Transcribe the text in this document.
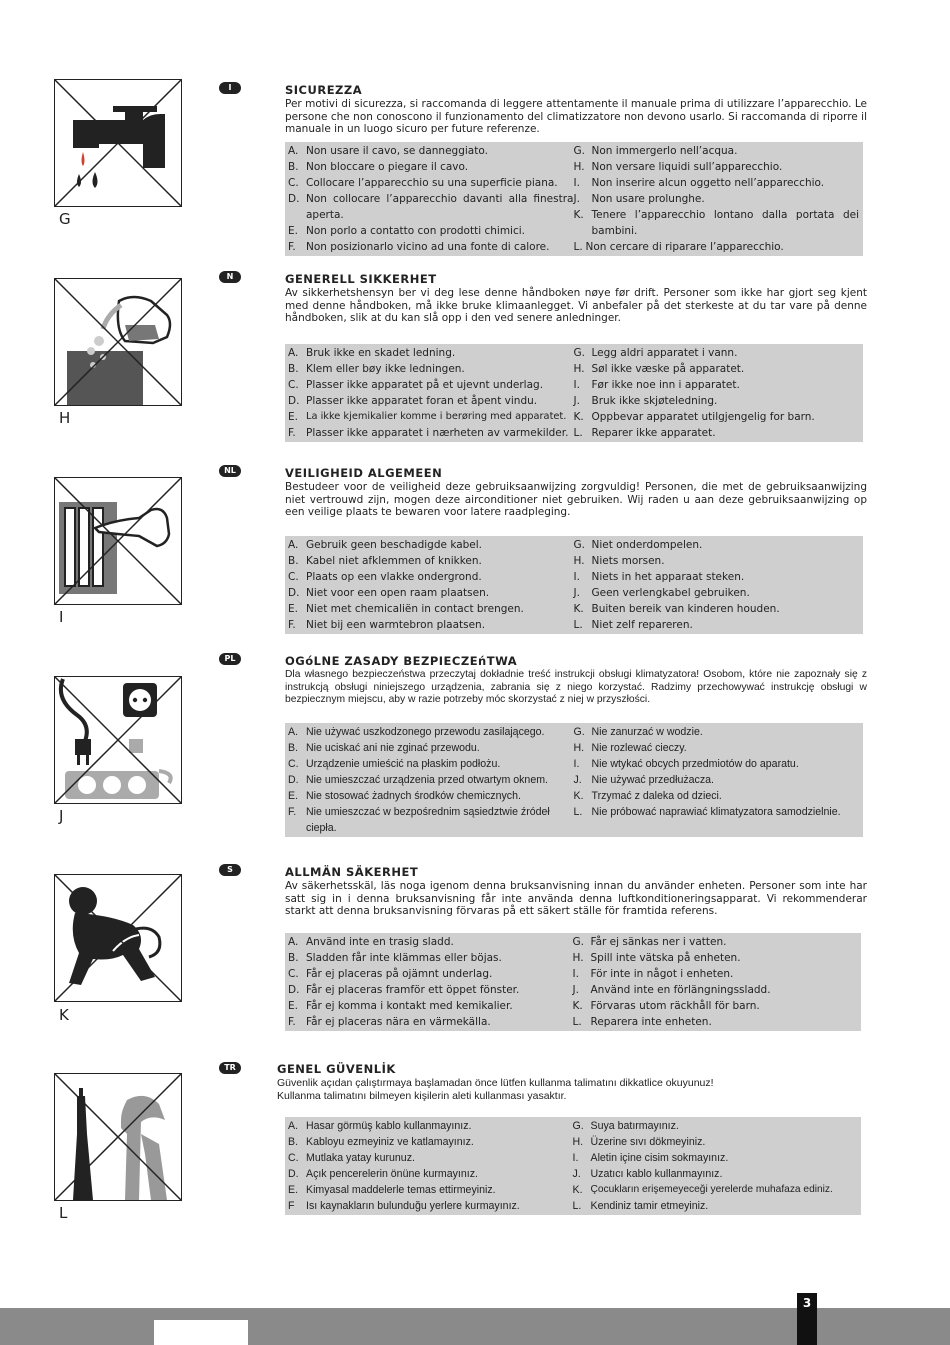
G
I	SICUREZZA

Per motivi di sicurezza, si raccomanda di leggere attentamente il manuale prima di utilizzare l’apparecchio. Le persone che non conoscono il funzionamento del climatizzatore non devono usarlo. Si raccomanda di riporre il manuale in un luogo sicuro per future referenze.

A. Non usare il cavo, se danneggiato.
B. Non bloccare o piegare il cavo.
C. Collocare l’apparecchio su una superficie piana.
D. Non collocare l’apparecchio davanti alla finestra aperta.
E. Non porlo a contatto con prodotti chimici.
F. Non posizionarlo vicino ad una fonte di calore.
G. Non immergerlo nell’acqua.
H. Non versare liquidi sull’apparecchio.
I.	Non inserire alcun oggetto nell’apparecchio.
J.	Non usare prolunghe.
K. Tenere l’apparecchio lontano dalla portata dei bambini.
L. Non cercare di riparare l’apparecchio.
H
N	GENERELL SIKKERHET

Av sikkerhetshensyn ber vi deg lese denne håndboken nøye før drift. Personer som ikke har gjort seg kjent med denne håndboken, må ikke bruke klimaanlegget. Vi anbefaler på det sterkeste at du tar vare på denne håndboken, slik at du kan slå opp i den ved senere anledninger.

A. Bruk ikke en skadet ledning.
B. Klem eller bøy ikke ledningen.
C. Plasser ikke apparatet på et ujevnt underlag.
D. Plasser ikke apparatet foran et åpent vindu.
E. La ikke kjemikalier komme i berøring med apparatet.
F. Plasser ikke apparatet i nærheten av varmekilder.
G. Legg aldri apparatet i vann.
H. Søl ikke væske på apparatet.
I.	Før ikke noe inn i apparatet.
J.	Bruk ikke skjøteledning.
K. Oppbevar apparatet utilgjengelig for barn.
L. Reparer ikke apparatet.
I
NL	VEILIGHEID ALGEMEEN

Bestudeer voor de veiligheid deze gebruiksaanwijzing zorgvuldig! Personen, die met de gebruiksaanwijzing niet vertrouwd zijn, mogen deze airconditioner niet gebruiken. Wij raden u aan deze gebruiksaanwijzing op een veilige plaats te bewaren voor latere raadpleging.

A. Gebruik geen beschadigde kabel.
B. Kabel niet afklemmen of knikken.
C. Plaats op een vlakke ondergrond.
D. Niet voor een open raam plaatsen.
E. Niet met chemicaliën in contact brengen.
F. Niet bij een warmtebron plaatsen.
G. Niet onderdompelen.
H. Niets morsen.
I.	Niets in het apparaat steken.
J.	Geen verlengkabel gebruiken.
K. Buiten bereik van kinderen houden.
L. Niet zelf repareren.
J
PL	OGóLNE ZASADY BEZPIECZEńTWA

Dla własnego bezpieczeństwa przeczytaj dokładnie treść instrukcji obsługi klimatyzatora! Osobom, które nie zapoznały się z instrukcją obsługi niniejszego urządzenia, zabrania się z niego korzystać. Radzimy przechowywać instrukcję obsługi w bezpiecznym miejscu, aby w razie potrzeby móc skorzystać z niej w przyszłości.

A. Nie używać uszkodzonego przewodu zasilającego.
B. Nie uciskać ani nie zginać przewodu.
C. Urządzenie umieścić na płaskim podłożu.
D. Nie umieszczać urządzenia przed otwartym oknem.
E. Nie stosować żadnych środków chemicznych.
F. Nie umieszczać w bezpośrednim sąsiedztwie źródeł ciepła.
G. Nie zanurzać w wodzie.
H. Nie rozlewać cieczy.
I.	Nie wtykać obcych przedmiotów do aparatu.
J. Nie używać przedłużacza.
K. Trzymać z daleka od dzieci.
L. Nie próbować naprawiać klimatyzatora samodzielnie.
K
S	ALLMÄN SÄKERHET

Av säkerhetsskäl, läs noga igenom denna bruksanvisning innan du använder enheten. Personer som inte har satt sig in i denna bruksanvisning får inte använda denna luftkonditioneringsapparat. Vi rekommenderar starkt att denna bruksanvisning förvaras på ett säkert ställe för framtida referens.

A. Använd inte en trasig sladd.
B. Sladden får inte klämmas eller böjas.
C. Får ej placeras på ojämnt underlag.
D. Får ej placeras framför ett öppet fönster.
E. Får ej komma i kontakt med kemikalier.
F. Får ej placeras nära en värmekälla.
G. Får ej sänkas ner i vatten.
H. Spill inte vätska på enheten.
I.	För inte in något i enheten.
J.	Använd inte en förlängningssladd.
K. Förvaras utom räckhåll för barn.
L. Reparera inte enheten.
L
TR	GENEL GÜVENLİK

Güvenlik açıdan çalıştırmaya başlamadan önce lütfen kullanma talimatını dikkatlice okuyunuz! Kullanma talimatını bilmeyen kişilerin aleti kullanması yasaktır.

A. Hasar görmüş kablo kullanmayınız.
B. Kabloyu ezmeyiniz ve katlamayınız.
C. Mutlaka yatay kurunuz.
D. Açık pencerelerin önüne kurmayınız.
E. Kimyasal maddelerle temas ettirmeyiniz.
F	Isı kaynakların bulunduğu yerlere kurmayınız.
G. Suya batırmayınız.
H. Üzerine sıvı dökmeyiniz.
I.	Aletin içine cisim sokmayınız.
J. Uzatıcı kablo kullanmayınız.
K. Çocukların erişemeyeceği yerelerde muhafaza ediniz.
L. Kendiniz tamir etmeyiniz.
3
